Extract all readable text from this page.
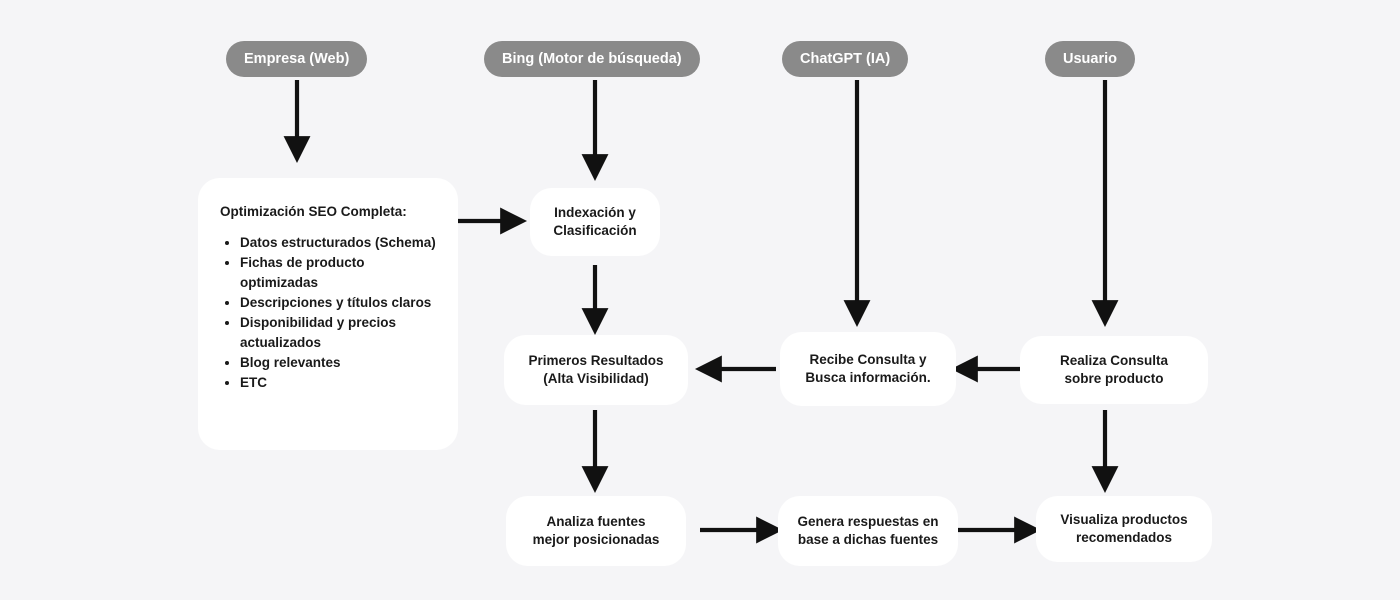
Empresa (Web)	Bing (Motor de búsqueda)	ChatGPT (IA)	Usuario
Optimización SEO Completa:
• Datos estructurados (Schema)
• Fichas de producto optimizadas
• Descripciones y títulos claros
• Disponibilidad y precios actualizados
• Blog relevantes
• ETC
Indexación y
Clasificación
Primeros Resultados
(Alta Visibilidad)
Analiza fuentes
mejor posicionadas
Recibe Consulta y
Busca información.
Genera respuestas en
base a dichas fuentes
Realiza Consulta
sobre producto
Visualiza productos
recomendados
